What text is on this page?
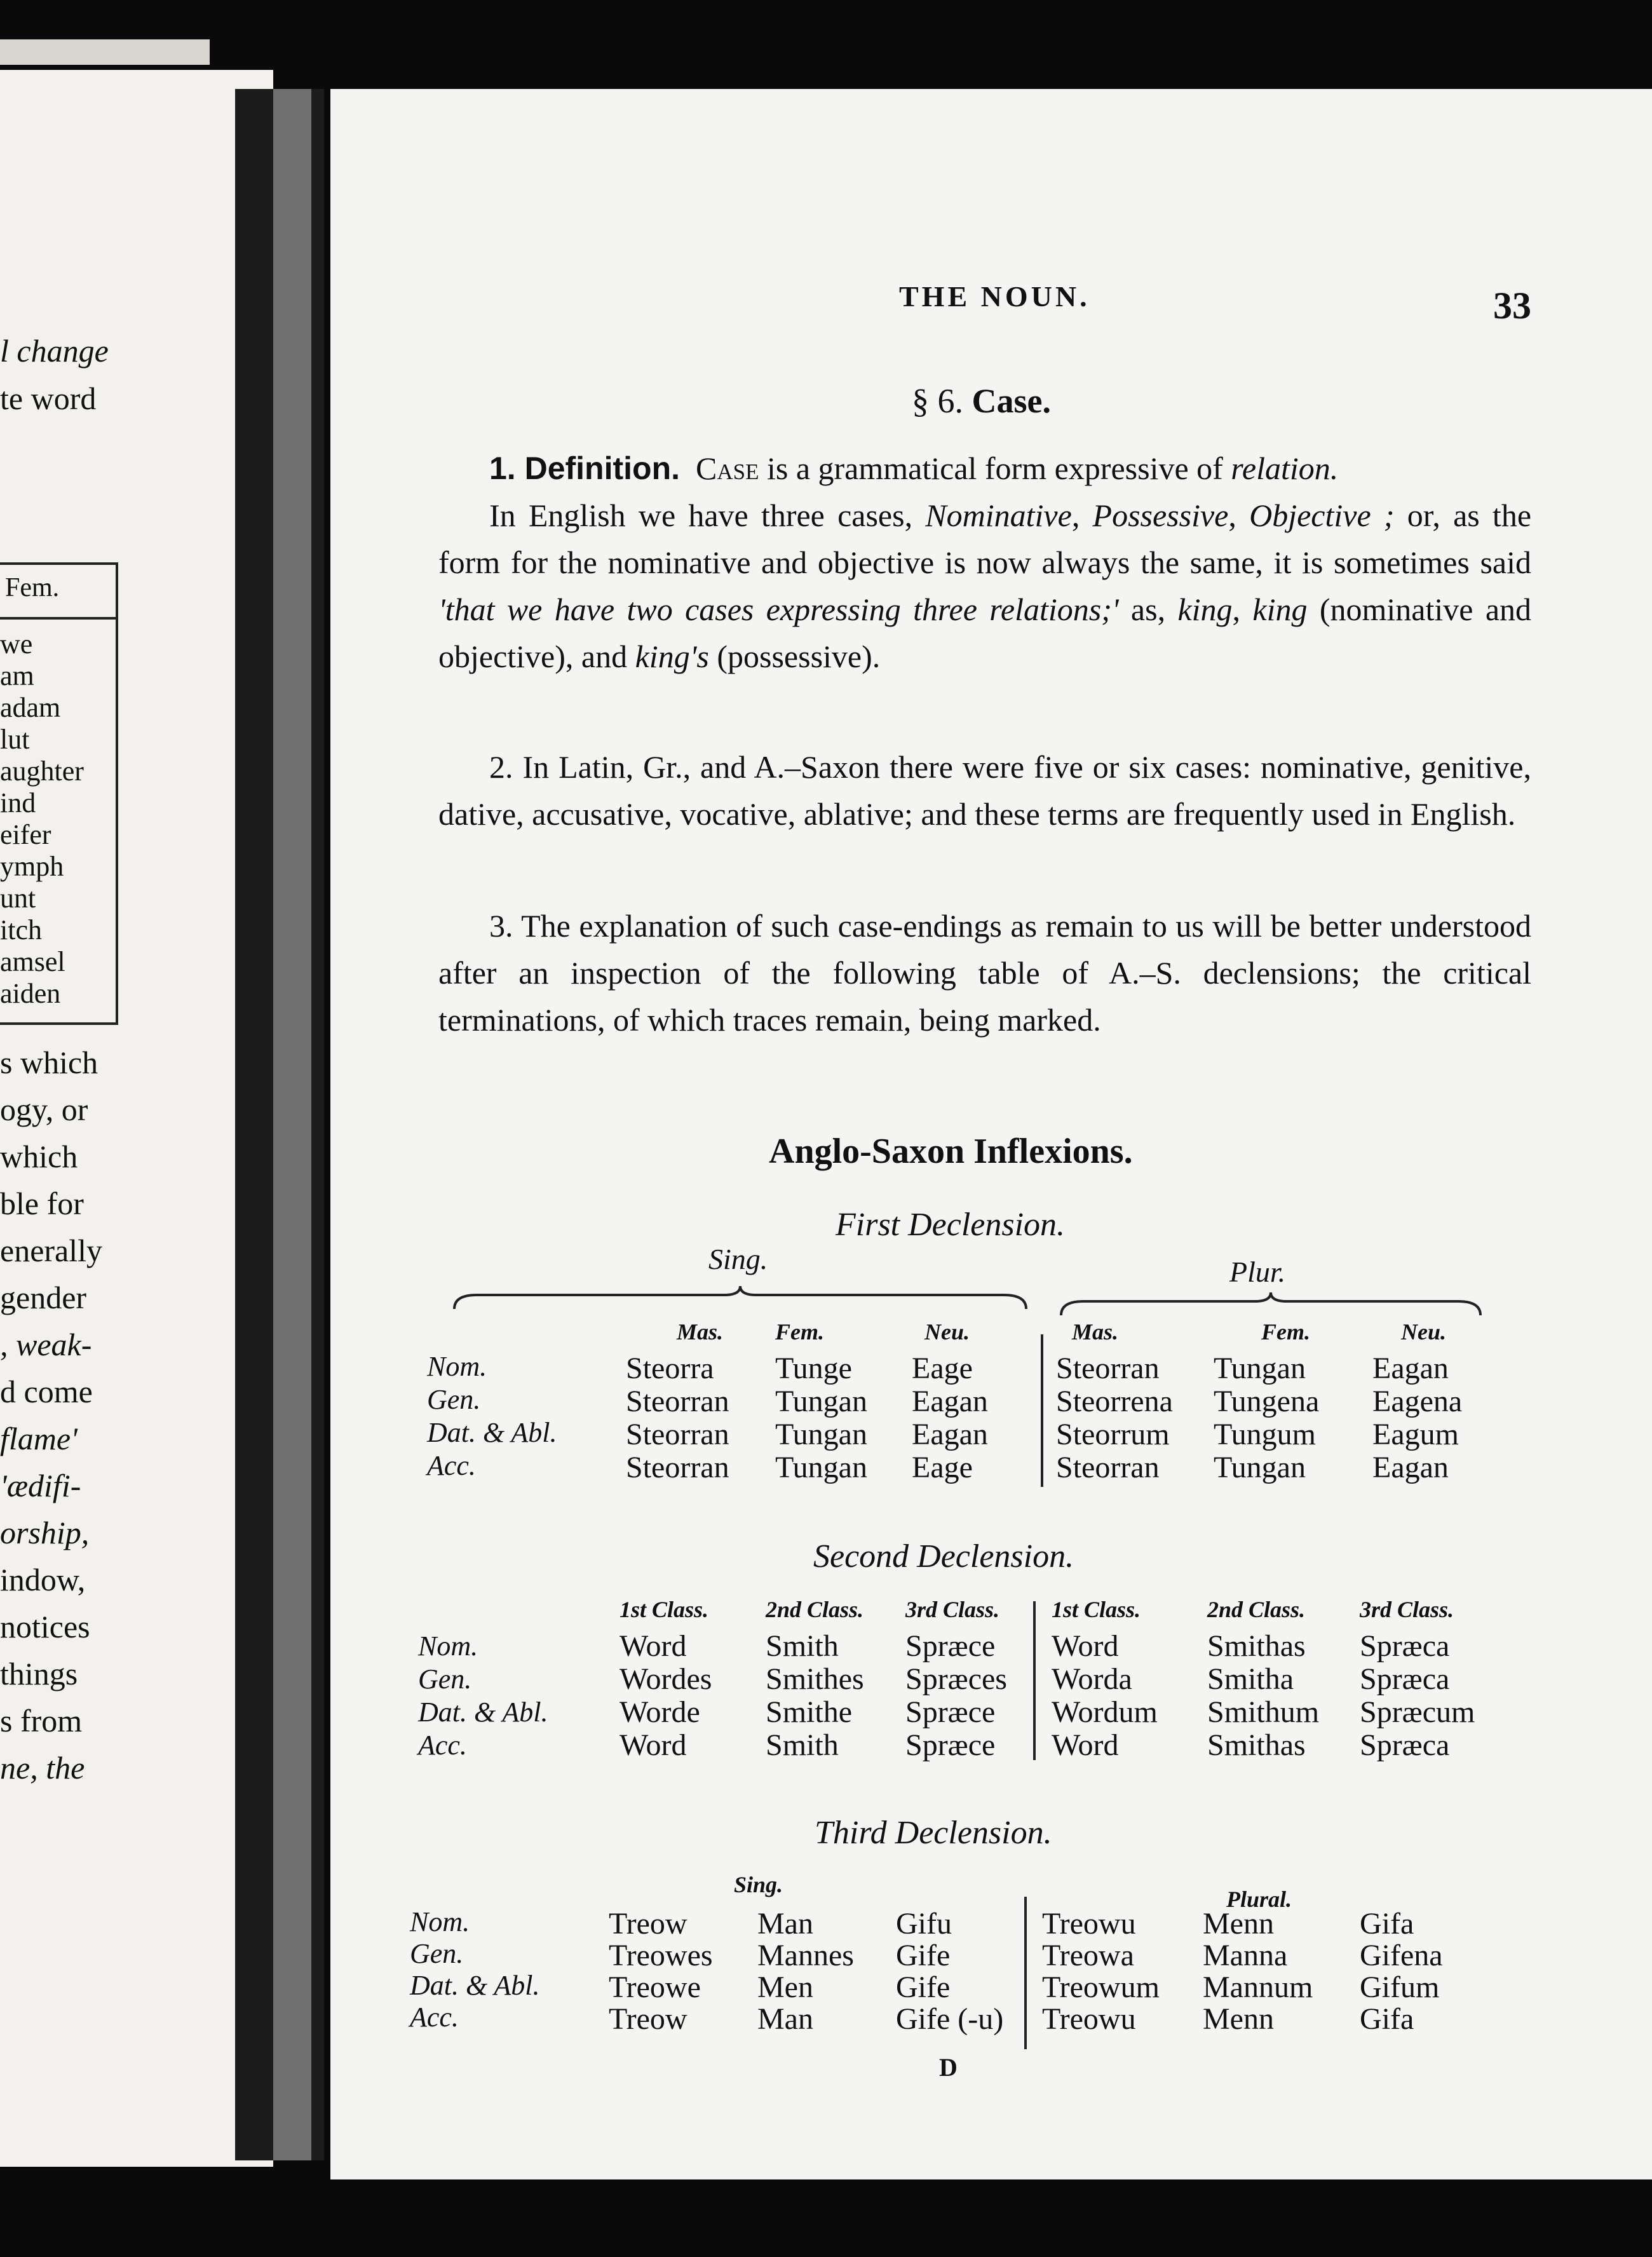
l change
te word
Fem.
we
am
adam
lut
aughter
ind
eifer
ymph
unt
itch
amsel
aiden
s which
ogy, or
which
ble for
enerally
gender
, weak-
d come
flame'
'ædifi-
orship,
indow,
notices
things
s from
ne, the
THE NOUN.	33
§ 6. Case.
1. Definition. Case is a grammatical form expressive of relation.
In English we have three cases, Nominative, Possessive, Objective ; or, as the form for the nominative and objective is now always the same, it is sometimes said 'that we have two cases expressing three relations;' as, king, king (nominative and objective), and king's (possessive).
2. In Latin, Gr., and A.–Saxon there were five or six cases: nominative, genitive, dative, accusative, vocative, ablative; and these terms are frequently used in English.
3. The explanation of such case-endings as remain to us will be better understood after an inspection of the following table of A.–S. declensions; the critical terminations, of which traces remain, being marked.
Anglo-Saxon Inflexions.
First Declension.
Sing.	Plur.
Nom.
Gen.
Dat. & Abl.
Acc.
Mas.
Steorra
Steorran
Steorran
Steorran
Fem.
Tunge
Tungan
Tungan
Tungan
Neu.
Eage
Eagan
Eagan
Eage
Mas.
Steorran
Steorrena
Steorrum
Steorran
Fem.
Tungan
Tungena
Tungum
Tungan
Neu.
Eagan
Eagena
Eagum
Eagan
Second Declension.
Nom.
Gen.
Dat. & Abl.
Acc.
1st Class.
Word
Wordes
Worde
Word
2nd Class.
Smith
Smithes
Smithe
Smith
3rd Class.
Spræce
Spræces
Spræce
Spræce
1st Class.
Word
Worda
Wordum
Word
2nd Class.
Smithas
Smitha
Smithum
Smithas
3rd Class.
Spræca
Spræca
Spræcum
Spræca
Third Declension.
Sing.
Plural.
Nom.
Gen.
Dat. & Abl.
Acc.
Treow
Treowes
Treowe
Treow
Man
Mannes
Men
Man
Gifu
Gife
Gife
Gife (-u)
Treowu
Treowa
Treowum
Treowu
Menn
Manna
Mannum
Menn
Gifa
Gifena
Gifum
Gifa
D
